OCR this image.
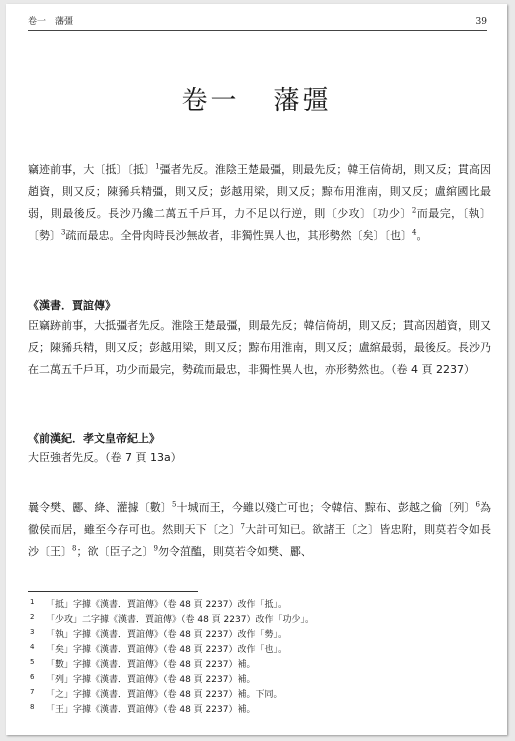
卷一　藩彊	39
卷一 藩彊
竊迹前事，大〔抵〕〔抵〕$^1$彊者先反。淮陰王楚最彊，則最先反；韓王信倚胡，則又反；貫高因趙資，則又反；陳豨兵精彊，則又反；彭越用梁，則又反；黥布用淮南，則又反；盧綰國比最弱，則最後反。長沙乃纔二萬五千戶耳，力不足以行逆，則〔少攻〕〔功少〕$^2$而最完，〔執〕〔勢〕$^3$疏而最忠。全骨肉時長沙無故者，非獨性異人也，其形勢然〔矣〕〔也〕$^4$。
《漢書．賈誼傳》
臣竊跡前事，大抵彊者先反。淮陰王楚最彊，則最先反；韓信倚胡，則又反；貫高因趙資，則又反；陳豨兵精，則又反；彭越用梁，則又反；黥布用淮南，則又反；盧綰最弱，最後反。長沙乃在二萬五千戶耳，功少而最完，勢疏而最忠，非獨性異人也，亦形勢然也。（卷 4 頁 2237）
《前漢紀．孝文皇帝紀上》
大臣強者先反。（卷 7 頁 13a）
曩令樊、酈、絳、灌據〔數〕$^5$十城而王，今雖以殘亡可也；令韓信、黥布、彭越之倫〔列〕$^6$為徹侯而居，雖至今存可也。然則天下〔之〕$^7$大計可知已。欲諸王〔之〕皆忠附，則莫若令如長沙〔王〕$^8$；欲〔臣子之〕$^9$勿令菹醢，則莫若令如樊、酈、
1 「抵」字據《漢書．賈誼傳》（卷 48 頁 2237）改作「抵」。
2 「少攻」二字據《漢書．賈誼傳》（卷 48 頁 2237）改作「功少」。
3 「執」字據《漢書．賈誼傳》（卷 48 頁 2237）改作「勢」。
4 「矣」字據《漢書．賈誼傳》（卷 48 頁 2237）改作「也」。
5 「數」字據《漢書．賈誼傳》（卷 48 頁 2237）補。
6 「列」字據《漢書．賈誼傳》（卷 48 頁 2237）補。
7 「之」字據《漢書．賈誼傳》（卷 48 頁 2237）補。下同。
8 「王」字據《漢書．賈誼傳》（卷 48 頁 2237）補。
